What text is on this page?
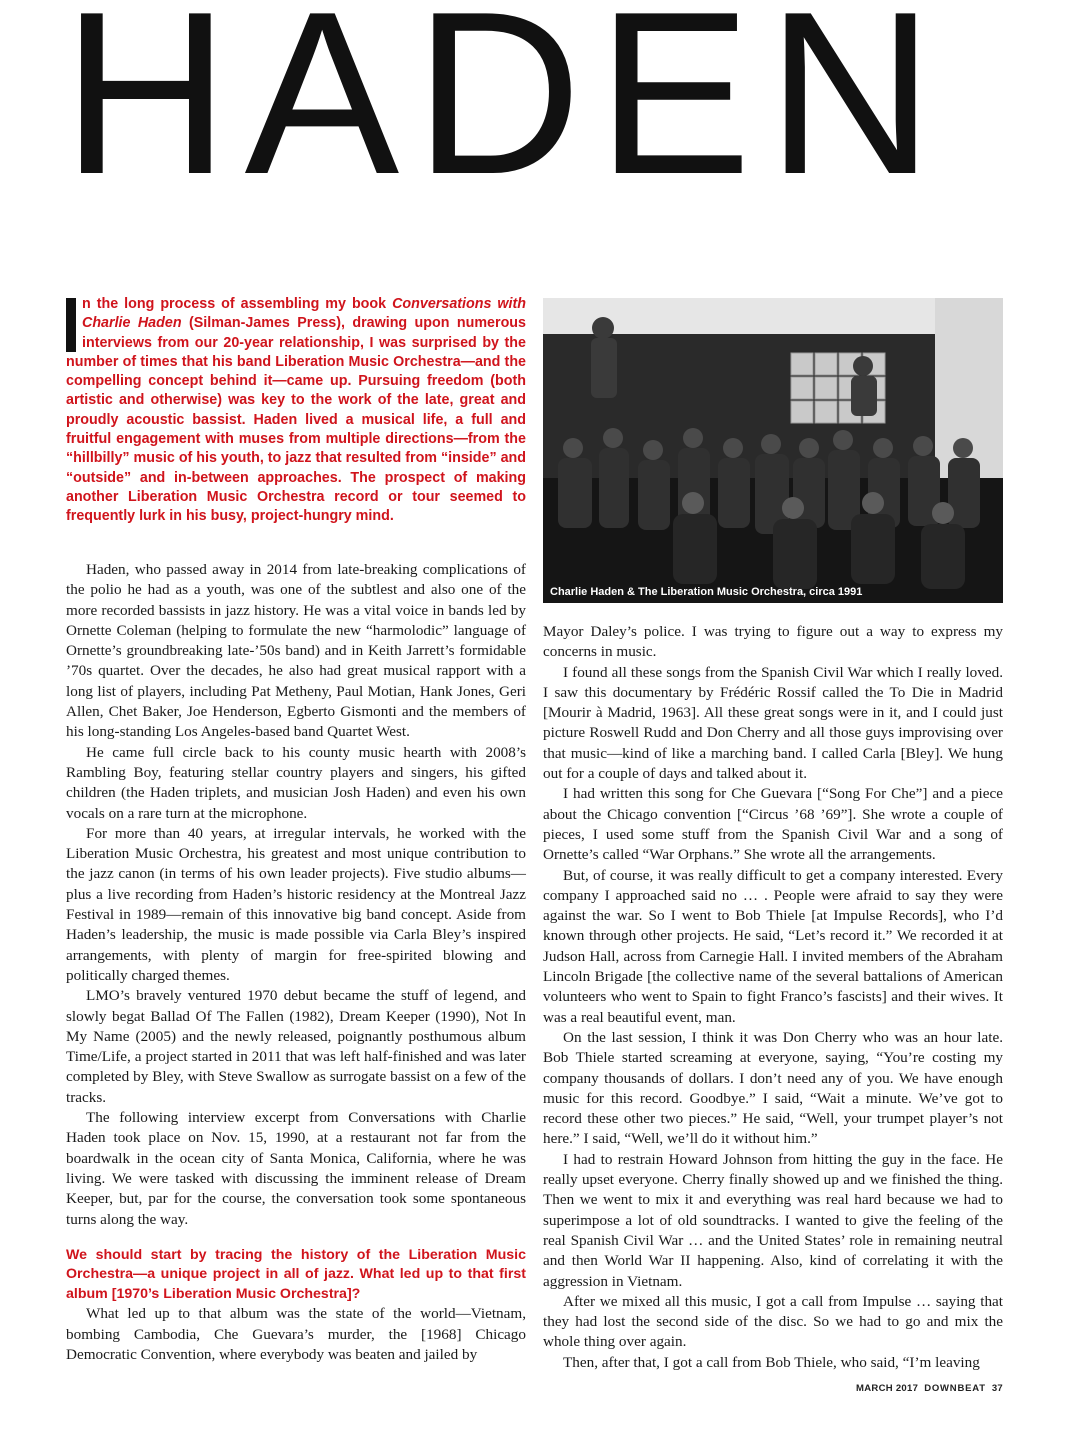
HADEN
n the long process of assembling my book Conversations with Charlie Haden (Silman-James Press), drawing upon numerous interviews from our 20-year relationship, I was surprised by the number of times that his band Liberation Music Orchestra—and the compelling concept behind it—came up. Pursuing freedom (both artistic and otherwise) was key to the work of the late, great and proudly acoustic bassist. Haden lived a musical life, a full and fruitful engagement with muses from multiple directions—from the “hillbilly” music of his youth, to jazz that resulted from “inside” and “outside” and in-between approaches. The prospect of making another Liberation Music Orchestra record or tour seemed to frequently lurk in his busy, project-hungry mind.
CHEUNG CHING MING
Charlie Haden & The Liberation Music Orchestra, circa 1991

Haden, who passed away in 2014 from late-breaking complications of the polio he had as a youth, was one of the subtlest and also one of the more recorded bassists in jazz history. He was a vital voice in bands led by Ornette Coleman (helping to formulate the new “harmolodic” language of Ornette’s groundbreaking late-’50s band) and in Keith Jarrett’s formidable ’70s quartet. Over the decades, he also had great musical rapport with a long list of players, including Pat Metheny, Paul Motian, Hank Jones, Geri Allen, Chet Baker, Joe Henderson, Egberto Gismonti and the members of his long-standing Los Angeles-based band Quartet West.

He came full circle back to his county music hearth with 2008’s Rambling Boy, featuring stellar country players and singers, his gifted children (the Haden triplets, and musician Josh Haden) and even his own vocals on a rare turn at the microphone.

For more than 40 years, at irregular intervals, he worked with the Liberation Music Orchestra, his greatest and most unique contribution to the jazz canon (in terms of his own leader projects). Five studio albums—plus a live recording from Haden’s historic residency at the Montreal Jazz Festival in 1989—remain of this innovative big band concept. Aside from Haden’s leadership, the music is made possible via Carla Bley’s inspired arrangements, with plenty of margin for free-spirited blowing and politically charged themes.

LMO’s bravely ventured 1970 debut became the stuff of legend, and slowly begat Ballad Of The Fallen (1982), Dream Keeper (1990), Not In My Name (2005) and the newly released, poignantly posthumous album Time/Life, a project started in 2011 that was left half-finished and was later completed by Bley, with Steve Swallow as surrogate bassist on a few of the tracks.

The following interview excerpt from Conversations with Charlie Haden took place on Nov. 15, 1990, at a restaurant not far from the boardwalk in the ocean city of Santa Monica, California, where he was living. We were tasked with discussing the imminent release of Dream Keeper, but, par for the course, the conversation took some spontaneous turns along the way.

We should start by tracing the history of the Liberation Music Orchestra—a unique project in all of jazz. What led up to that first album [1970’s Liberation Music Orchestra]?

What led up to that album was the state of the world—Vietnam, bombing Cambodia, Che Guevara’s murder, the [1968] Chicago Democratic Convention, where everybody was beaten and jailed by

Mayor Daley’s police. I was trying to figure out a way to express my concerns in music.

I found all these songs from the Spanish Civil War which I really loved. I saw this documentary by Frédéric Rossif called the To Die in Madrid [Mourir à Madrid, 1963]. All these great songs were in it, and I could just picture Roswell Rudd and Don Cherry and all those guys improvising over that music—kind of like a marching band. I called Carla [Bley]. We hung out for a couple of days and talked about it.

I had written this song for Che Guevara [“Song For Che”] and a piece about the Chicago convention [“Circus ’68 ’69”]. She wrote a couple of pieces, I used some stuff from the Spanish Civil War and a song of Ornette’s called “War Orphans.” She wrote all the arrangements.

But, of course, it was really difficult to get a company interested. Every company I approached said no … . People were afraid to say they were against the war. So I went to Bob Thiele [at Impulse Records], who I’d known through other projects. He said, “Let’s record it.” We recorded it at Judson Hall, across from Carnegie Hall. I invited members of the Abraham Lincoln Brigade [the collective name of the several battalions of American volunteers who went to Spain to fight Franco’s fascists] and their wives. It was a real beautiful event, man.

On the last session, I think it was Don Cherry who was an hour late. Bob Thiele started screaming at everyone, saying, “You’re costing my company thousands of dollars. I don’t need any of you. We have enough music for this record. Goodbye.” I said, “Wait a minute. We’ve got to record these other two pieces.” He said, “Well, your trumpet player’s not here.” I said, “Well, we’ll do it without him.”

I had to restrain Howard Johnson from hitting the guy in the face. He really upset everyone. Cherry finally showed up and we finished the thing. Then we went to mix it and everything was real hard because we had to superimpose a lot of old soundtracks. I wanted to give the feeling of the real Spanish Civil War … and the United States’ role in remaining neutral and then World War II happening. Also, kind of correlating it with the aggression in Vietnam.

After we mixed all this music, I got a call from Impulse … saying that they had lost the second side of the disc. So we had to go and mix the whole thing over again.

Then, after that, I got a call from Bob Thiele, who said, “I’m leaving

MARCH 2017 DOWNBEAT 37
